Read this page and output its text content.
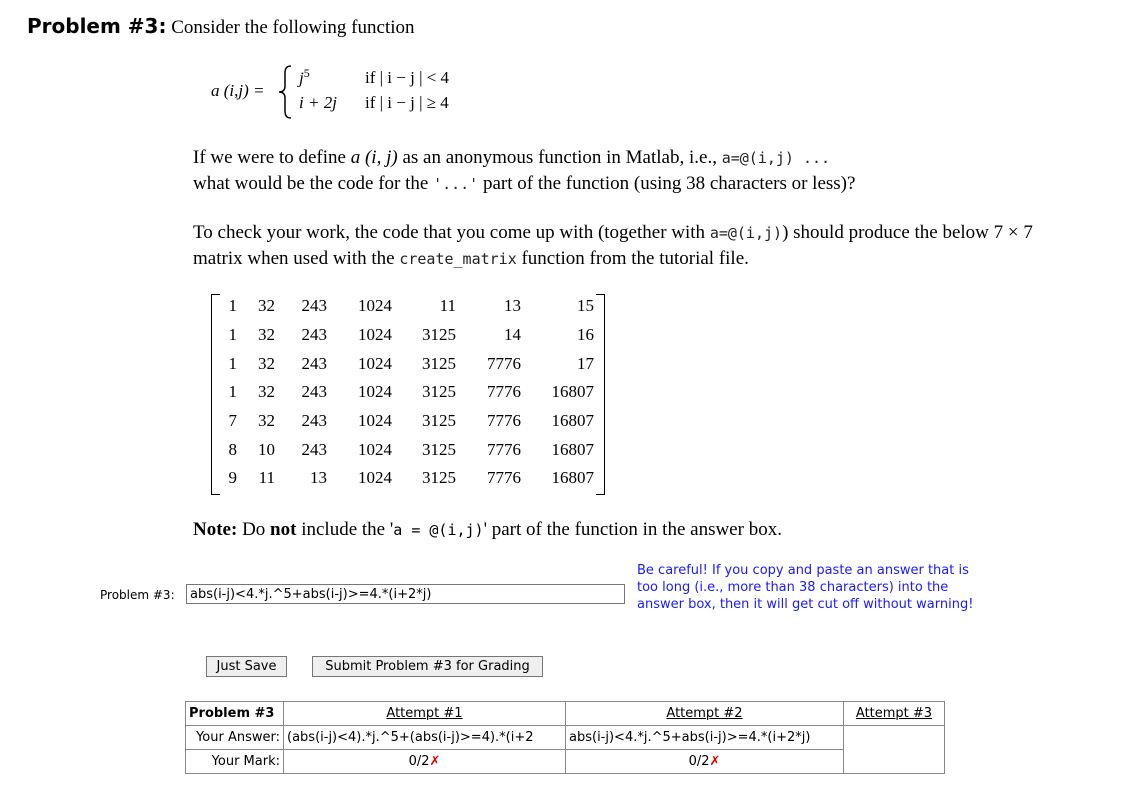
Problem #3: Consider the following function
a (i,j) =
$j^5$	if | i − j | < 4
i + 2j if | i − j | ≥ 4
If we were to define a (i, j) as an anonymous function in Matlab, i.e., a=@(i,j) ...
what would be the code for the '...' part of the function (using 38 characters or less)?
To check your work, the code that you come up with (together with a=@(i,j)) should produce the below 7 × 7
matrix when used with the create_matrix function from the tutorial file.
1 32 243 1024	11	13	15
1 32 243 1024 3125	14	16
1 32 243 1024 3125 7776	17
1 32 243 1024 3125 7776 16807
7 32 243 1024 3125 7776 16807
8 10 243 1024 3125 7776 16807
9 11 13 1024 3125 7776 16807
Note: Do not include the 'a = @(i,j)' part of the function in the answer box.
Problem #3:
abs(i-j)<4.*j.^5+abs(i-j)>=4.*(i+2*j)
Be careful! If you copy and paste an answer that is too long (i.e., more than 38 characters) into the answer box, then it will get cut off without warning!
Just Save	Submit Problem #3 for Grading
Problem #3	Attempt #1	Attempt #2	Attempt #3
Your Answer:	(abs(i-j)<4).*j.^5+(abs(i-j)>=4).*(i+2	abs(i-j)<4.*j.^5+abs(i-j)>=4.*(i+2*j)	
Your Mark:	0/2✗	0/2✗	
